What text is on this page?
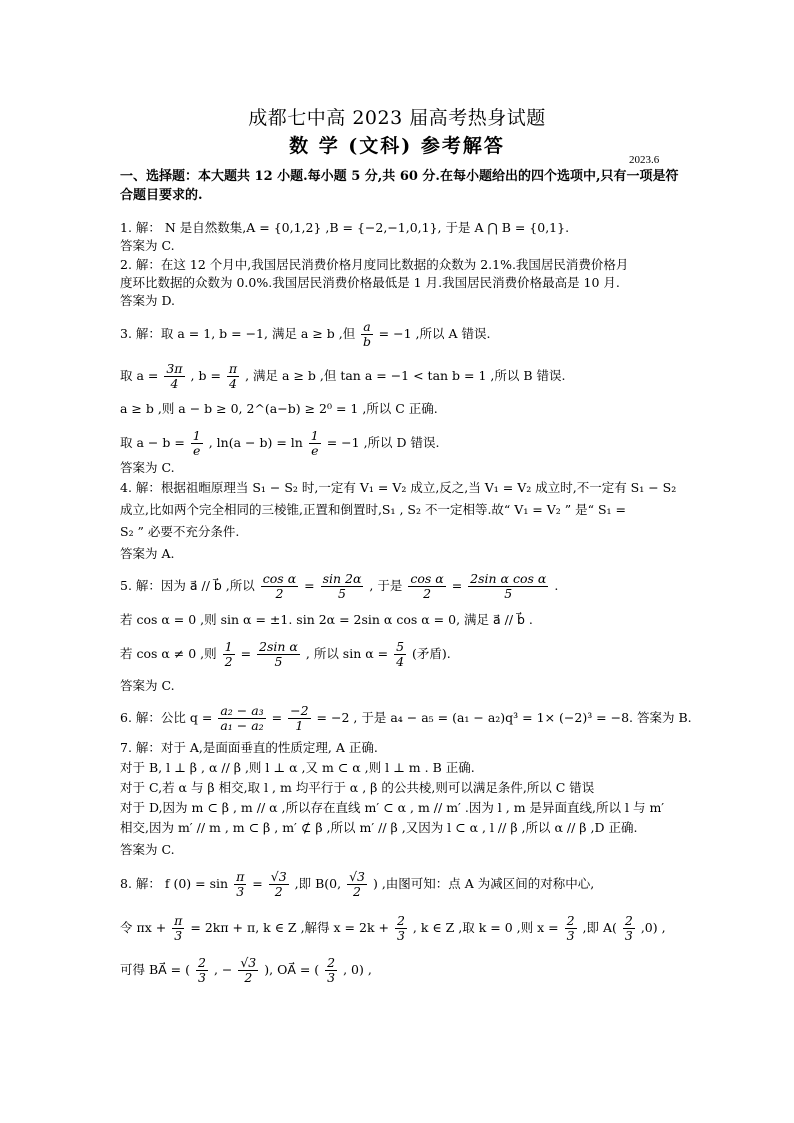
成都七中高 2023 届高考热身试题
数 学 (文科) 参考解答
2023.6
一、选择题：本大题共 12 小题.每小题 5 分,共 60 分.在每小题给出的四个选项中,只有一项是符合题目要求的.
1. 解： N 是自然数集,A = {0,1,2} ,B = {−2,−1,0,1}, 于是 A ⋂ B = {0,1}.
答案为 C.
2. 解：在这 12 个月中,我国居民消费价格月度同比数据的众数为 2.1%.我国居民消费价格月
度环比数据的众数为 0.0%.我国居民消费价格最低是 1 月.我国居民消费价格最高是 10 月.
答案为 D.
3. 解：取 a = 1, b = −1, 满足 a ≥ b ,但 $\frac{a}{b} = -1$ ,所以 A 错误.
取 $a = \frac{3\pi}{4}$ , $b = \frac{\pi}{4}$ , 满足 a ≥ b ,但 tan a = −1 < tan b = 1 ,所以 B 错误.
a ≥ b ,则 a − b ≥ 0, 2^(a−b) ≥ 2⁰ = 1 ,所以 C 正确.
取 $a - b = \frac{1}{e}$ , $\ln(a - b) = \ln \frac{1}{e} = -1$ ,所以 D 错误.
答案为 C.
4. 解：根据祖暅原理当 S₁ − S₂ 时,一定有 V₁ = V₂ 成立,反之,当 V₁ = V₂ 成立时,不一定有 S₁ − S₂
成立,比如两个完全相同的三棱锥,正置和倒置时,S₁ , S₂ 不一定相等.故“ V₁ = V₂ ” 是“ S₁ =
S₂ ” 必要不充分条件.
答案为 A.
5. 解：因为 a⃗ // b⃗ ,所以 $\frac{\text{cos α}}{2} = \frac{\sin 2\alpha}{5}$ , 于是 $\frac{\text{cos α}}{2} = \frac{\text{2sin α cos α}}{5}$ .
若 cos α = 0 ,则 sin α = ±1. sin 2α = 2sin α cos α = 0, 满足 a⃗ // b⃗ .
若 cos α ≠ 0 ,则 $\frac{1}{2} = \frac{\text{2sin α}}{5}$ , 所以 $\sin \alpha = \frac{5}{4}$ (矛盾).
答案为 C.
6. 解：公比 $q = \frac{\text{a₂ − a₃}}{\text{a₁ − a₂}} = \frac{-2}{1} = -2$ , 于是 a₄ − a₅ = (a₁ − a₂)q³ = 1× (−2)³ = −8. 答案为 B.
7. 解：对于 A,是面面垂直的性质定理, A 正确.
对于 B, l ⊥ β , α // β ,则 l ⊥ α ,又 m ⊂ α ,则 l ⊥ m . B 正确.
对于 C,若 α 与 β 相交,取 l , m 均平行于 α , β 的公共棱,则可以满足条件,所以 C 错误
对于 D,因为 m ⊂ β , m // α ,所以存在直线 m′ ⊂ α , m // m′ .因为 l , m 是异面直线,所以 l 与 m′
相交,因为 m′ // m , m ⊂ β , m′ ⊄ β ,所以 m′ // β ,又因为 l ⊂ α , l // β ,所以 α // β ,D 正确.
答案为 C.
8. 解： f $(0) = \sin \frac{\pi}{3} = \frac{√3}{2}$ ,即 B(0, $\frac{√3}{2}$ ) ,由图可知：点 A 为减区间的对称中心,
令 $\pi x + \frac{\pi}{3} = 2k\pi + \pi$, k ∈ Z ,解得 $x = 2k + \frac{2}{3}$ , k ∈ Z ,取 k = 0 ,则 $x = \frac{2}{3}$ ,即 $A( \frac{2}{3} ,0)$ ,
可得 BA⃗ = ( $\frac{2}{3}$ , − $\frac{√3}{2}$ ), OA⃗ = ( $\frac{2}{3}$ , 0) ,
